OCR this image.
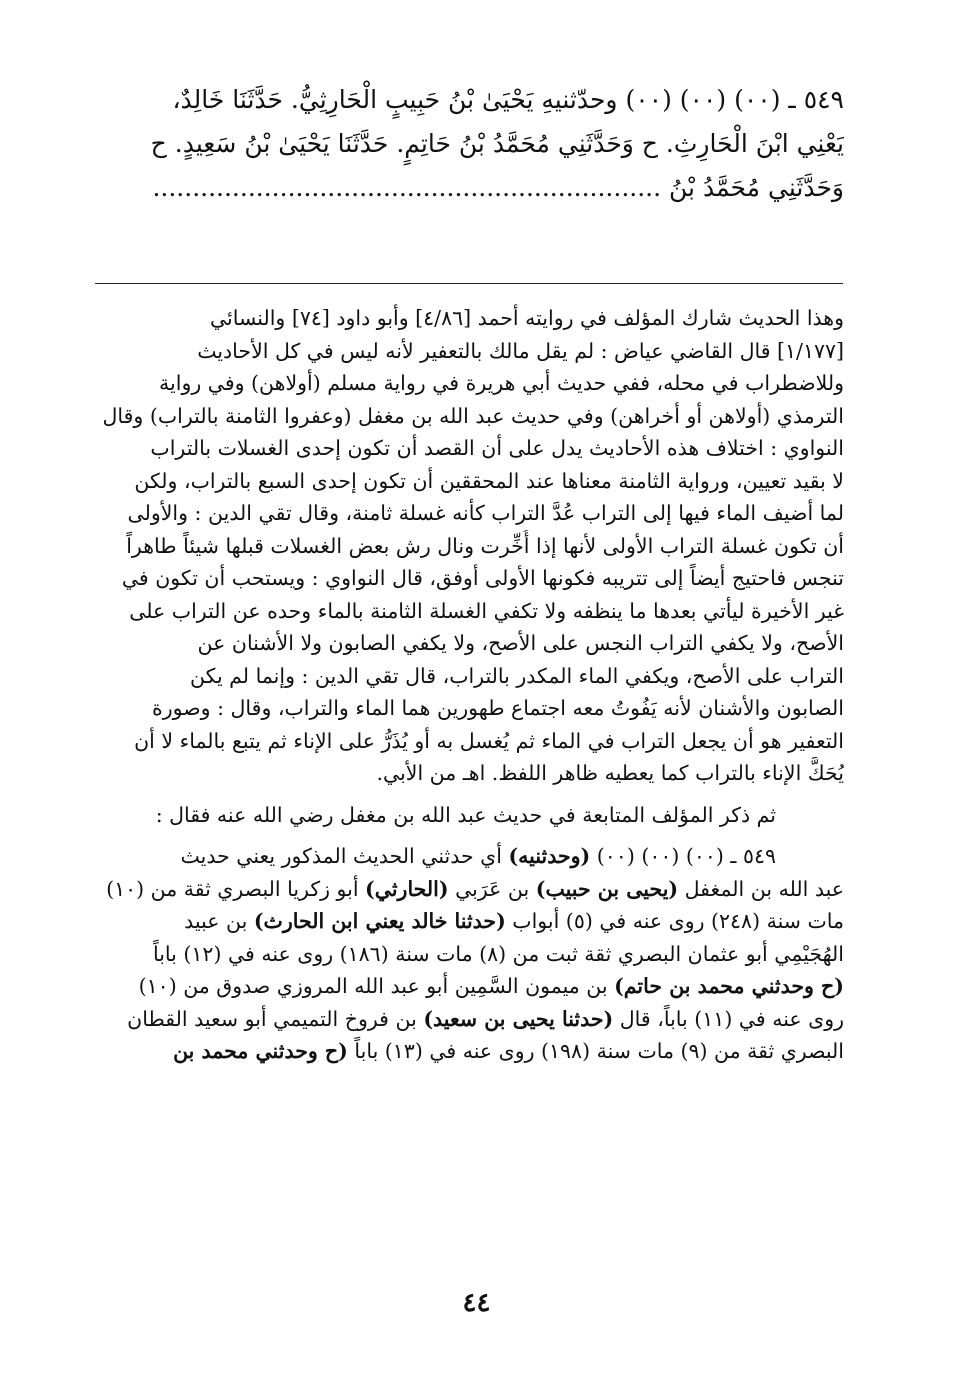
٥٤٩ ـ (٠٠) (٠٠) (٠٠) وحدّثنيهِ يَحْيَىٰ بْنُ حَبِيبٍ الْحَارِثِيُّ. حَدَّثَنَا خَالِدٌ،
يَعْنِي ابْنَ الْحَارِثِ. ح وَحَدَّثَنِي مُحَمَّدُ بْنُ حَاتِمٍ. حَدَّثَنَا يَحْيَىٰ بْنُ سَعِيدٍ. ح
وَحَدَّثَنِي مُحَمَّدُ بْنُ ................................................................
وهذا الحديث شارك المؤلف في روايته أحمد [٤/٨٦] وأبو داود [٧٤] والنسائي
[١/١٧٧] قال القاضي عياض : لم يقل مالك بالتعفير لأنه ليس في كل الأحاديث
وللاضطراب في محله، ففي حديث أبي هريرة في رواية مسلم (أولاهن) وفي رواية
الترمذي (أولاهن أو أخراهن) وفي حديث عبد الله بن مغفل (وعفروا الثامنة بالتراب) وقال
النواوي : اختلاف هذه الأحاديث يدل على أن القصد أن تكون إحدى الغسلات بالتراب
لا بقيد تعيين، ورواية الثامنة معناها عند المحققين أن تكون إحدى السبع بالتراب، ولكن
لما أضيف الماء فيها إلى التراب عُدَّ التراب كأنه غسلة ثامنة، وقال تقي الدين : والأولى
أن تكون غسلة التراب الأولى لأنها إذا أُخِّرت ونال رش بعض الغسلات قبلها شيئاً طاهراً
تنجس فاحتيج أيضاً إلى تتريبه فكونها الأولى أوفق، قال النواوي : ويستحب أن تكون في
غير الأخيرة ليأتي بعدها ما ينظفه ولا تكفي الغسلة الثامنة بالماء وحده عن التراب على
الأصح، ولا يكفي التراب النجس على الأصح، ولا يكفي الصابون ولا الأشنان عن
التراب على الأصح، ويكفي الماء المكدر بالتراب، قال تقي الدين : وإنما لم يكن
الصابون والأشنان لأنه يَفُوتُ معه اجتماع طهورين هما الماء والتراب، وقال : وصورة
التعفير هو أن يجعل التراب في الماء ثم يُغسل به أو يُذَرُّ على الإناء ثم يتبع بالماء لا أن
يُحَكَّ الإناء بالتراب كما يعطيه ظاهر اللفظ. اهـ من الأبي.
ثم ذكر المؤلف المتابعة في حديث عبد الله بن مغفل رضي الله عنه فقال :
٥٤٩ ـ (٠٠) (٠٠) (٠٠) (وحدثنيه) أي حدثني الحديث المذكور يعني حديث
عبد الله بن المغفل (يحيى بن حبيب) بن عَرَبي (الحارثي) أبو زكريا البصري ثقة من (١٠)
مات سنة (٢٤٨) روى عنه في (٥) أبواب (حدثنا خالد يعني ابن الحارث) بن عبيد
الهُجَيْمِي أبو عثمان البصري ثقة ثبت من (٨) مات سنة (١٨٦) روى عنه في (١٢) باباً
(ح وحدثني محمد بن حاتم) بن ميمون السَّمِين أبو عبد الله المروزي صدوق من (١٠)
روى عنه في (١١) باباً، قال (حدثنا يحيى بن سعيد) بن فروخ التميمي أبو سعيد القطان
البصري ثقة من (٩) مات سنة (١٩٨) روى عنه في (١٣) باباً (ح وحدثني محمد بن
٤٤
